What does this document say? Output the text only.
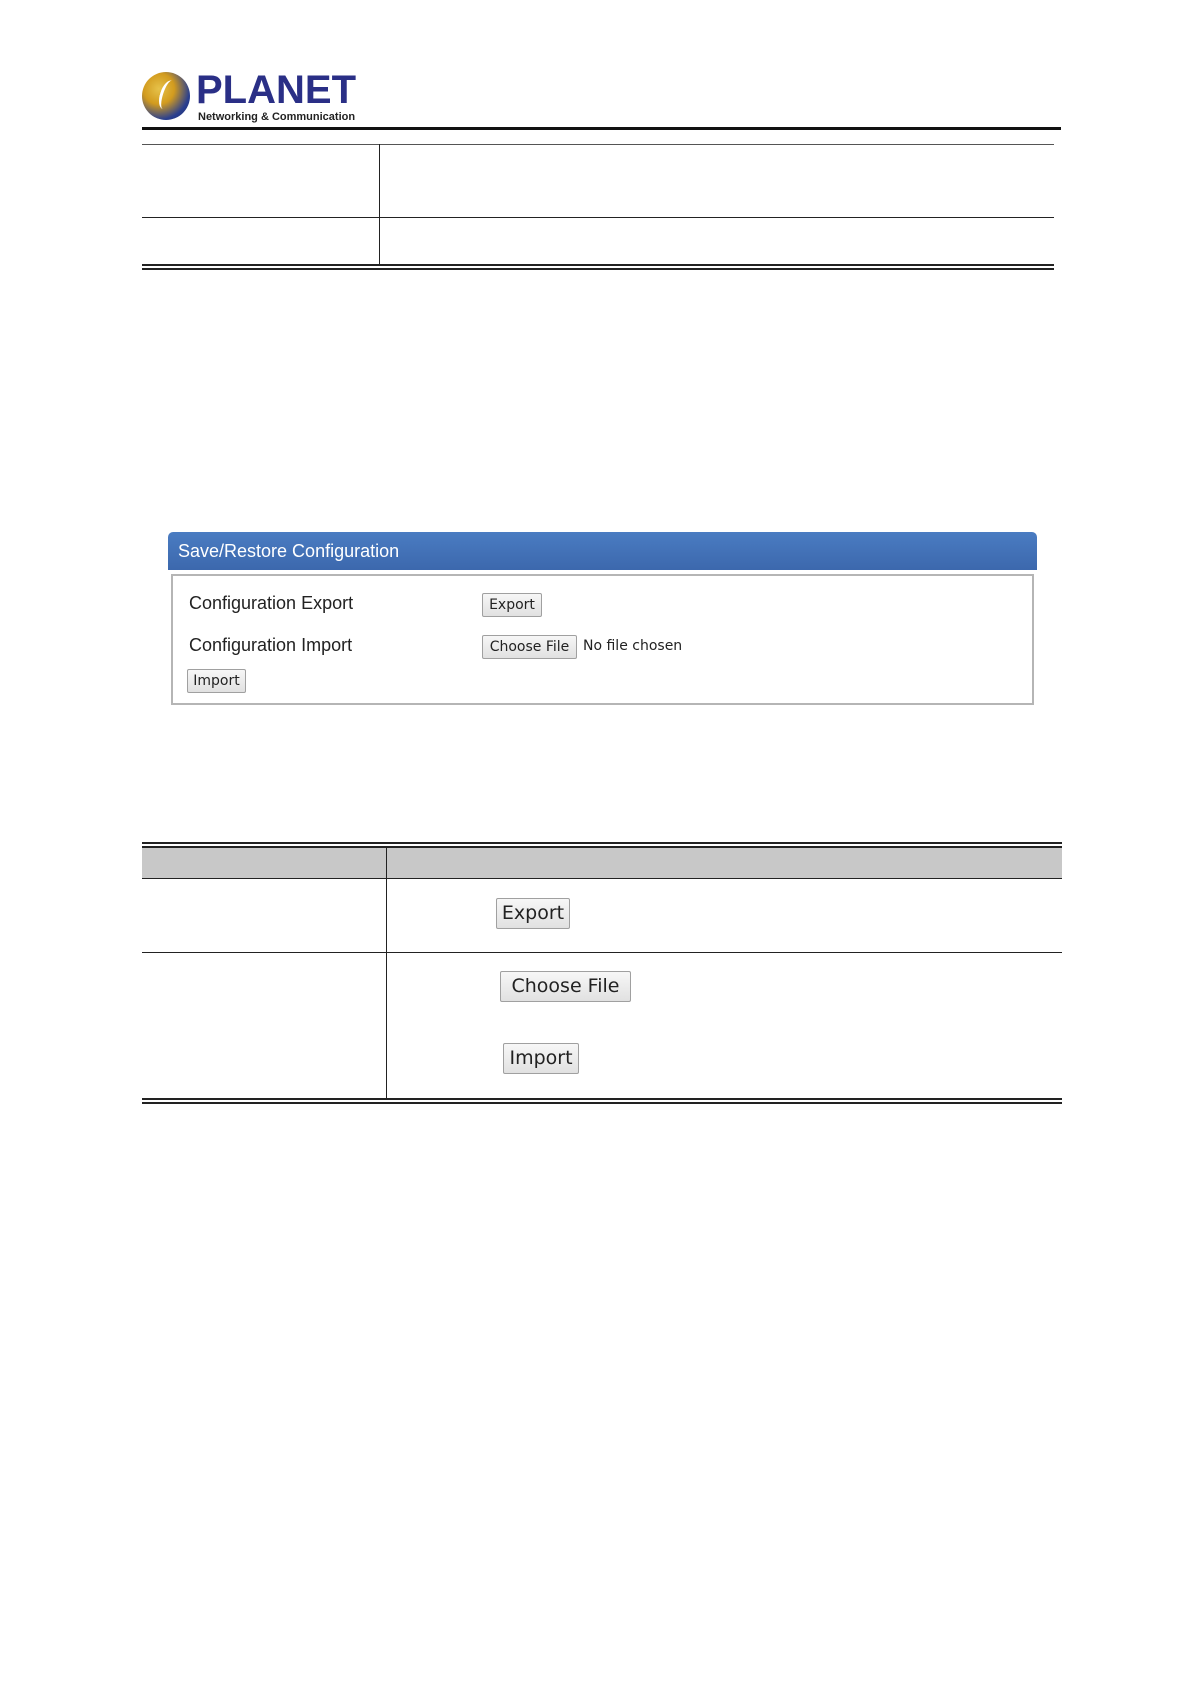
PLANET
Networking & Communication
Save/Restore Configuration
Configuration Export	Export
Configuration Import	Choose File No file chosen
Import
Export
Choose File
Import
